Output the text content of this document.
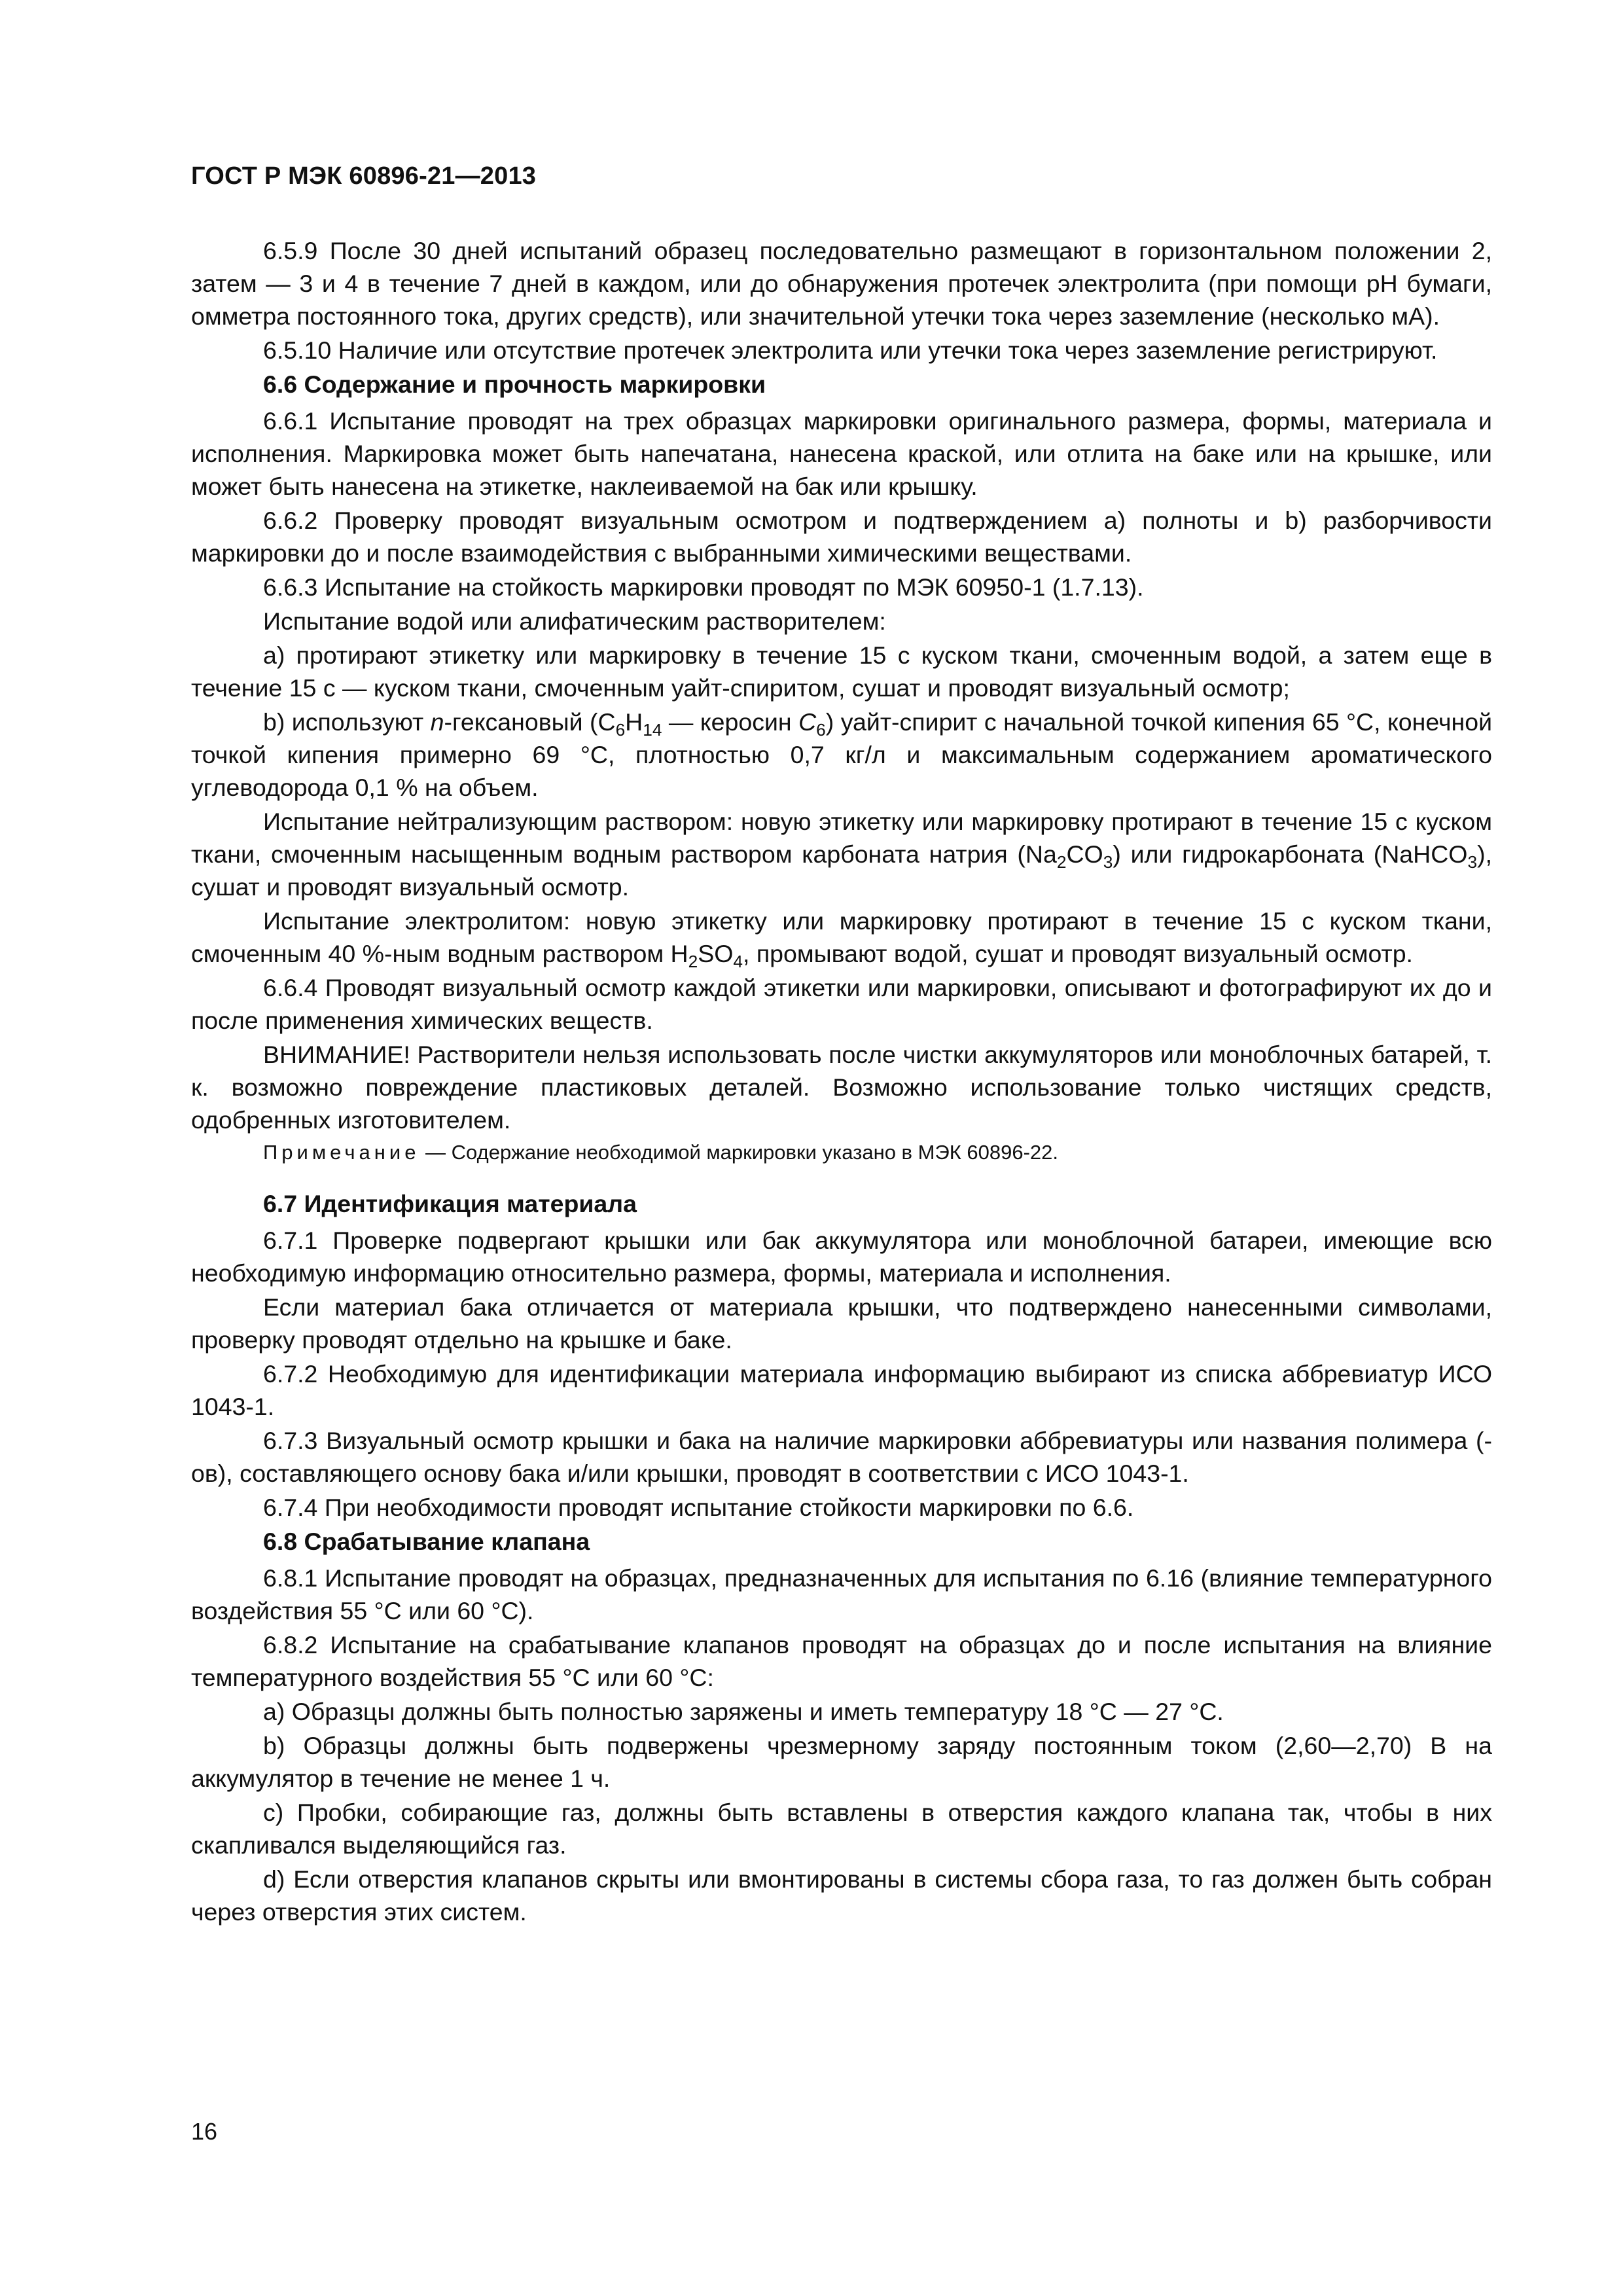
ГОСТ Р МЭК 60896-21—2013

6.5.9 После 30 дней испытаний образец последовательно размещают в горизонтальном положении 2, затем — 3 и 4 в течение 7 дней в каждом, или до обнаружения протечек электролита (при помощи pH бумаги, омметра постоянного тока, других средств), или значительной утечки тока через заземление (несколько мА).

6.5.10 Наличие или отсутствие протечек электролита или утечки тока через заземление регистрируют.

6.6 Содержание и прочность маркировки

6.6.1 Испытание проводят на трех образцах маркировки оригинального размера, формы, материала и исполнения. Маркировка может быть напечатана, нанесена краской, или отлита на баке или на крышке, или может быть нанесена на этикетке, наклеиваемой на бак или крышку.

6.6.2 Проверку проводят визуальным осмотром и подтверждением a) полноты и b) разборчивости маркировки до и после взаимодействия с выбранными химическими веществами.

6.6.3 Испытание на стойкость маркировки проводят по МЭК 60950-1 (1.7.13).

Испытание водой или алифатическим растворителем:

a) протирают этикетку или маркировку в течение 15 с куском ткани, смоченным водой, а затем еще в течение 15 с — куском ткани, смоченным уайт-спиритом, сушат и проводят визуальный осмотр;

b) используют n-гексановый ($C_6H_{14}$ — керосин $C_6$) уайт-спирит с начальной точкой кипения 65 °C, конечной точкой кипения примерно 69 °C, плотностью 0,7 кг/л и максимальным содержанием ароматического углеводорода 0,1 % на объем.

Испытание нейтрализующим раствором: новую этикетку или маркировку протирают в течение 15 с куском ткани, смоченным насыщенным водным раствором карбоната натрия $(Na_2CO_3)$ или гидрокарбоната (NaHCO$_3$), сушат и проводят визуальный осмотр.

Испытание электролитом: новую этикетку или маркировку протирают в течение 15 с куском ткани, смоченным 40 %-ным водным раствором $H_2SO_4$, промывают водой, сушат и проводят визуальный осмотр.

6.6.4 Проводят визуальный осмотр каждой этикетки или маркировки, описывают и фотографируют их до и после применения химических веществ.

ВНИМАНИЕ! Растворители нельзя использовать после чистки аккумуляторов или моноблочных батарей, т. к. возможно повреждение пластиковых деталей. Возможно использование только чистящих средств, одобренных изготовителем.

Примечание — Содержание необходимой маркировки указано в МЭК 60896-22.

6.7 Идентификация материала

6.7.1 Проверке подвергают крышки или бак аккумулятора или моноблочной батареи, имеющие всю необходимую информацию относительно размера, формы, материала и исполнения.

Если материал бака отличается от материала крышки, что подтверждено нанесенными символами, проверку проводят отдельно на крышке и баке.

6.7.2 Необходимую для идентификации материала информацию выбирают из списка аббревиатур ИСО 1043-1.

6.7.3 Визуальный осмотр крышки и бака на наличие маркировки аббревиатуры или названия полимера (-ов), составляющего основу бака и/или крышки, проводят в соответствии с ИСО 1043-1.

6.7.4 При необходимости проводят испытание стойкости маркировки по 6.6.

6.8 Срабатывание клапана

6.8.1 Испытание проводят на образцах, предназначенных для испытания по 6.16 (влияние температурного воздействия 55 °C или 60 °C).

6.8.2 Испытание на срабатывание клапанов проводят на образцах до и после испытания на влияние температурного воздействия 55 °C или 60 °C:

a) Образцы должны быть полностью заряжены и иметь температуру 18 °C — 27 °C.

b) Образцы должны быть подвержены чрезмерному заряду постоянным током (2,60—2,70) В на аккумулятор в течение не менее 1 ч.

c) Пробки, собирающие газ, должны быть вставлены в отверстия каждого клапана так, чтобы в них скапливался выделяющийся газ.

d) Если отверстия клапанов скрыты или вмонтированы в системы сбора газа, то газ должен быть собран через отверстия этих систем.

16
